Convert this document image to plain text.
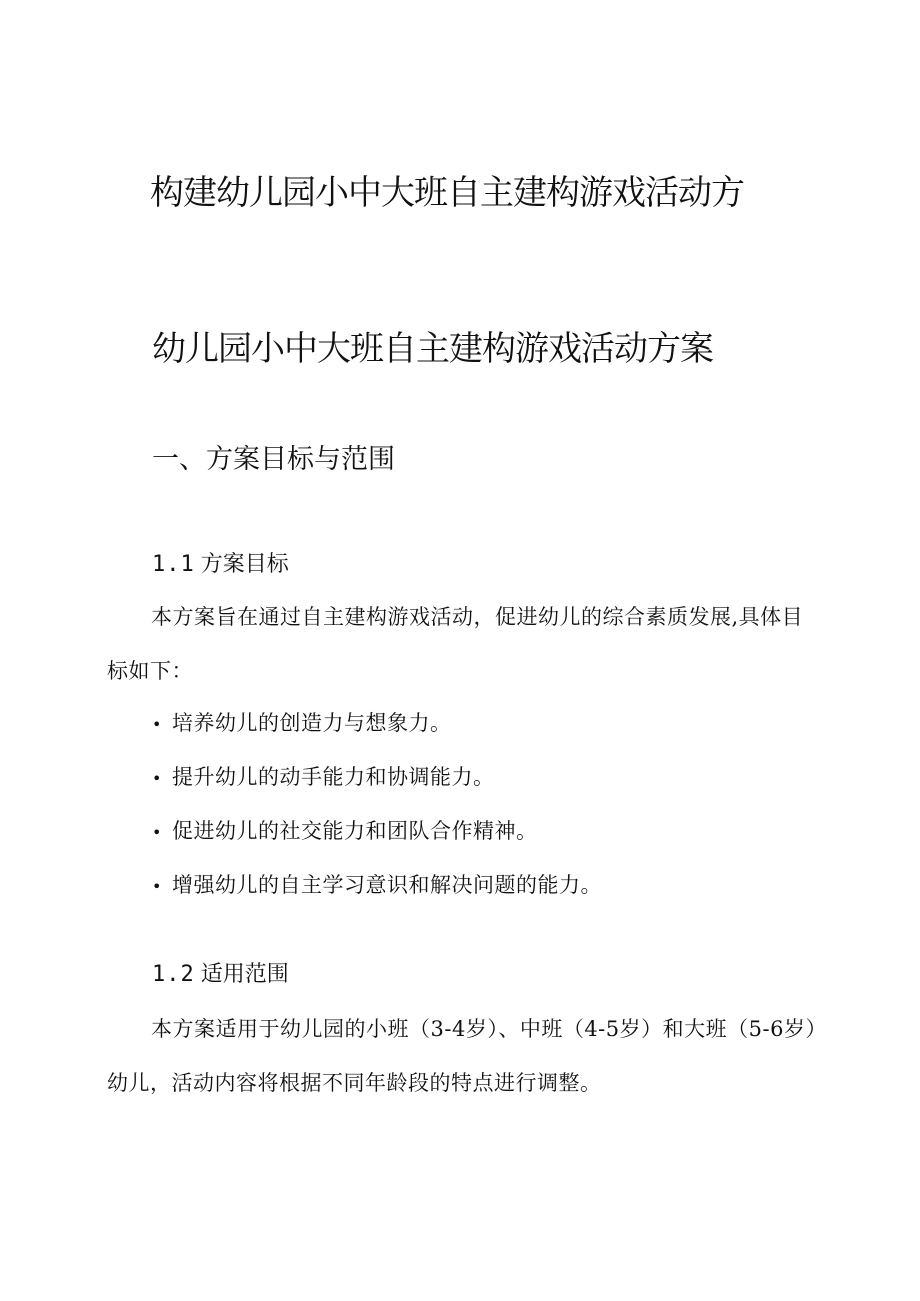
构建幼儿园小中大班自主建构游戏活动方
幼儿园小中大班自主建构游戏活动方案
一、方案目标与范围
1.1 方案目标

本方案旨在通过自主建构游戏活动，促进幼儿的综合素质发展,具体目标如下：

• 培养幼儿的创造力与想象力。
• 提升幼儿的动手能力和协调能力。
• 促进幼儿的社交能力和团队合作精神。
• 增强幼儿的自主学习意识和解决问题的能力。
1.2 适用范围

本方案适用于幼儿园的小班（3-4岁）、中班（4-5岁）和大班（5-6岁）幼儿，活动内容将根据不同年龄段的特点进行调整。
